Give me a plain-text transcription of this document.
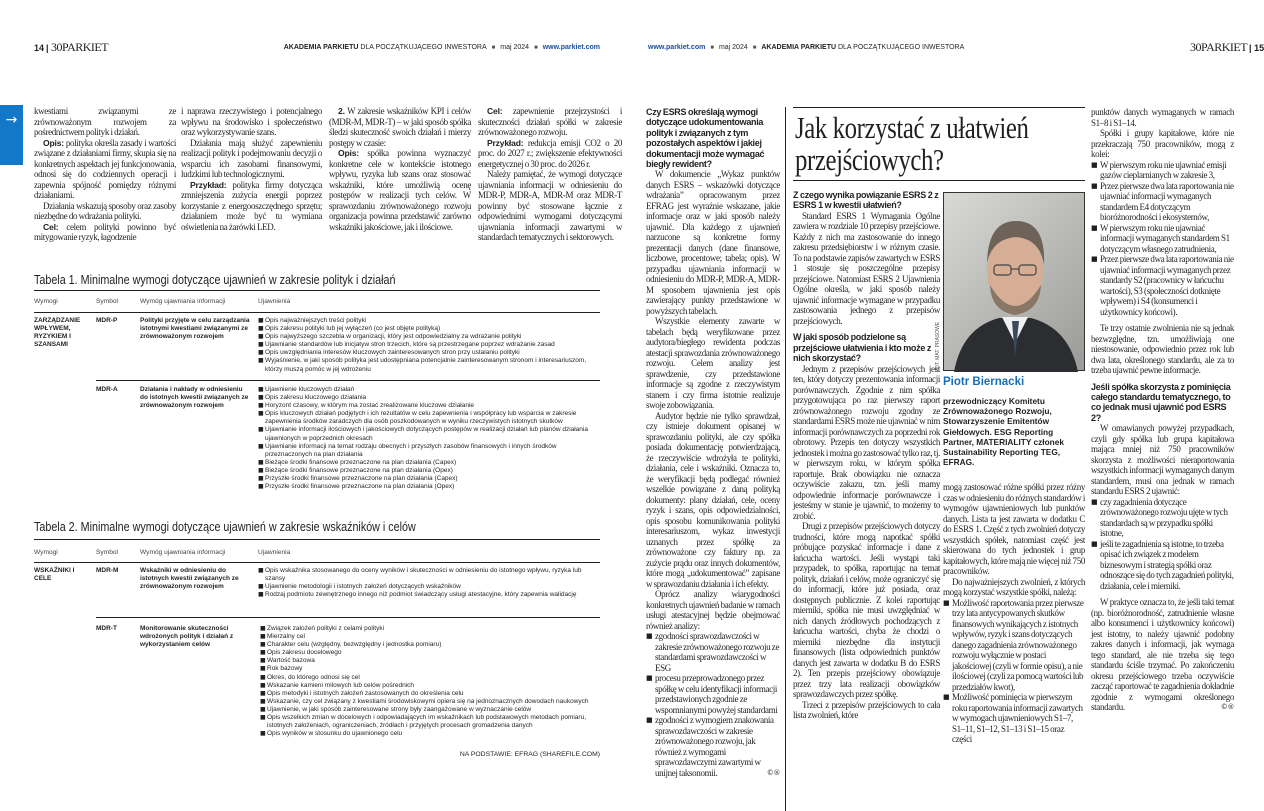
14 | 30PARKIET	AKADEMIA PARKIETU DLA POCZĄTKUJĄCEGO INWESTORA ■ maj 2024 ■ www.parkiet.com
→

kwestiami związanymi ze zrównoważonym rozwojem za pośrednictwem polityk i działań.

Opis: polityka określa zasady i wartości związane z działaniami firmy, skupia się na konkretnych aspektach jej funkcjonowania, odnosi się do codziennych operacji i zapewnia spójność pomiędzy różnymi działaniami.

Działania wskazują sposoby oraz zasoby niezbędne do wdrażania polityki.

Cel: celem polityki powinno być mitygowanie ryzyk, łagodzenie

i naprawa rzeczywistego i potencjalnego wpływu na środowisko i społeczeństwo oraz wykorzystywanie szans.

Działania mają służyć zapewnieniu realizacji polityk i podejmowaniu decyzji o wsparciu ich zasobami finansowymi, ludzkimi lub technologicznymi.

Przykład: polityka firmy dotycząca zmniejszenia zużycia energii poprzez korzystanie z energooszczędnego sprzętu; działaniem może być tu wymiana oświetlenia na żarówki LED.

2. W zakresie wskaźników KPI i celów (MDR-M, MDR-T) – w jaki sposób spółka śledzi skuteczność swoich działań i mierzy postępy w czasie:

Opis: spółka powinna wyznaczyć konkretne cele w kontekście istotnego wpływu, ryzyka lub szans oraz stosować wskaźniki, które umożliwią ocenę postępów w realizacji tych celów. W sprawozdaniu zrównoważonego rozwoju organizacja powinna przedstawić zarówno wskaźniki jakościowe, jak i ilościowe.

Cel: zapewnienie przejrzystości i skuteczności działań spółki w zakresie zrównoważonego rozwoju.

Przykład: redukcja emisji CO2 o 20 proc. do 2027 r.; zwiększenie efektywności energetycznej o 30 proc. do 2026 r.

Należy pamiętać, że wymogi dotyczące ujawniania informacji w odniesieniu do MDR-P, MDR-A, MDR-M oraz MDR-T powinny być stosowane łącznie z odpowiednimi wymogami dotyczącymi ujawniania informacji zawartymi w standardach tematycznych i sektorowych.

Tabela 1. Minimalne wymogi dotyczące ujawnień w zakresie polityk i działań
Wymogi	Symbol	Wymóg ujawniania informacji	Ujawnienia
ZARZĄDZANIE WPŁYWEM, RYZYKIEM I SZANSAMI
MDR-P	Polityki przyjęte w celu zarządzania istotnymi kwestiami związanymi ze zrównoważonym rozwojem
■ Opis najważniejszych treści polityki
■ Opis zakresu polityki lub jej wyłączeń (co jest objęte polityką)
■ Opis najwyższego szczebla w organizacji, który jest odpowiedzialny za wdrażanie polityki
■ Ujawnianie standardów lub inicjatyw stron trzecich, które są przestrzegane poprzez wdrażanie zasad
■ Opis uwzględniania interesów kluczowych zainteresowanych stron przy ustalaniu polityki
■ Wyjaśnienie, w jaki sposób polityka jest udostępniana potencjalnie zainteresowanym stronom i interesariuszom, którzy muszą pomóc w jej wdrożeniu
MDR-A	Działania i nakłady w odniesieniu do istotnych kwestii związanych ze zrównoważonym rozwojem
■ Ujawnienie kluczowych działań
■ Opis zakresu kluczowego działania
■ Horyzont czasowy, w którym ma zostać zrealizowane kluczowe działanie
■ Opis kluczowych działań podjętych i ich rezultatów w celu zapewnienia i współpracy lub wsparcia w zakresie zapewnienia środków zaradczych dla osób poszkodowanych w wyniku rzeczywistych istotnych skutków
■ Ujawnianie informacji ilościowych i jakościowych dotyczących postępów w realizacji działań lub planów działania ujawnionych w poprzednich okresach
■ Ujawnianie informacji na temat rodzaju obecnych i przyszłych zasobów finansowych i innych środków przeznaczonych na plan działania
■ Bieżące środki finansowe przeznaczone na plan działania (Capex)
■ Bieżące środki finansowe przeznaczone na plan działania (Opex)
■ Przyszłe środki finansowe przeznaczone na plan działania (Capex)
■ Przyszłe środki finansowe przeznaczone na plan działania (Opex)
Tabela 2. Minimalne wymogi dotyczące ujawnień w zakresie wskaźników i celów
Wymogi	Symbol	Wymóg ujawniania informacji	Ujawnienia
WSKAŹNIKI I CELE
MDR-M	Wskaźniki w odniesieniu do istotnych kwestii związanych ze zrównoważonym rozwojem
■ Opis wskaźnika stosowanego do oceny wyników i skuteczności w odniesieniu do istotnego wpływu, ryzyka lub szansy
■ Ujawnienie metodologii i istotnych założeń dotyczących wskaźników
■ Rodzaj podmiotu zewnętrznego innego niż podmiot świadczący usługi atestacyjne, który zapewnia walidację
MDR-T	Monitorowanie skuteczności wdrożonych polityk i działań z wykorzystaniem celów
■ Związek założeń polityki z celami polityki
■ Mierzalny cel
■ Charakter celu (względny, bezwzględny i jednostka pomiaru)
■ Opis zakresu docelowego
■ Wartość bazowa
■ Rok bazowy
■ Okres, do którego odnosi się cel
■ Wskazanie kamieni milowych lub celów pośrednich
■ Opis metodyki i istotnych założeń zastosowanych do określenia celu
■ Wskazanie, czy cel związany z kwestiami środowiskowymi opiera się na jednoznacznych dowodach naukowych
■ Ujawnienie, w jaki sposób zainteresowane strony były zaangażowane w wyznaczanie celów
■ Opis wszelkich zmian w docelowych i odpowiadających im wskaźnikach lub podstawowych metodach pomiaru, istotnych założeniach, ograniczeniach, źródłach i przyjętych procesach gromadzenia danych
■ Opis wyników w stosunku do ujawnionego celu
NA PODSTAWIE: EFRAG (SHAREFILE.COM)
www.parkiet.com ■ maj 2024 ■ AKADEMIA PARKIETU DLA POCZĄTKUJĄCEGO INWESTORA	30PARKIET | 15
Czy ESRS określają wymogi dotyczące udokumentowania polityk i związanych z tym pozostałych aspektów i jakiej dokumentacji może wymagać biegły rewident?

W dokumencie „Wykaz punktów danych ESRS – wskazówki dotyczące wdrażania” opracowanym przez EFRAG jest wyraźnie wskazane, jakie informacje oraz w jaki sposób należy ujawnić. Dla każdego z ujawnień narzucone są konkretne formy prezentacji danych (dane finansowe, liczbowe, procentowe; tabela; opis). W przypadku ujawniania informacji w odniesieniu do MDR-P, MDR-A, MDR-M sposobem ujawnienia jest opis zawierający punkty przedstawione w powyższych tabelach.

Wszystkie elementy zawarte w tabelach będą weryfikowane przez audytora/biegłego rewidenta podczas atestacji sprawozdania zrównoważonego rozwoju. Celem analizy jest sprawdzenie, czy przedstawione informacje są zgodne z rzeczywistym stanem i czy firma istotnie realizuje swoje zobowiązania.

Audytor będzie nie tylko sprawdzał, czy istnieje dokument opisanej w sprawozdaniu polityki, ale czy spółka posiada dokumentację potwierdzającą, że rzeczywiście wdrożyła te polityki, działania, cele i wskaźniki. Oznacza to, że weryfikacji będą podlegać również wszelkie powiązane z daną polityką dokumenty: plany działań, cele, oceny ryzyk i szans, opis odpowiedzialności, opis sposobu komunikowania polityki interesariuszom, wykaz inwestycji uznanych przez spółkę za zrównoważone czy faktury np. za zużycie prądu oraz innych dokumentów, które mogą „udokumentować” zapisane w sprawozdaniu działania i ich efekty.

Oprócz analizy wiarygodności konkretnych ujawnień badanie w ramach usługi atestacyjnej będzie obejmować również analizy:

■ zgodności sprawozdawczości w zakresie zrównoważonego rozwoju ze standardami sprawozdawczości w ESG
■ procesu przeprowadzonego przez spółkę w celu identyfikacji informacji przedstawionych zgodnie ze wspomnianymi powyżej standardami
■ zgodności z wymogiem znakowania sprawozdawczości w zakresie zrównoważonego rozwoju, jak również z wymogami sprawozdawczymi zawartymi w unijnej taksonomii.	©®
Jak korzystać z ułatwień przejściowych?
Z czego wynika powiązanie ESRS 2 z ESRS 1 w kwestii ułatwień?

Standard ESRS 1 Wymagania Ogólne zawiera w rozdziale 10 przepisy przejściowe. Każdy z nich ma zastosowanie do innego zakresu przedsiębiorstw i w różnym czasie. To na podstawie zapisów zawartych w ESRS 1 stosuje się poszczególne przepisy przejściowe. Natomiast ESRS 2 Ujawnienia Ogólne określa, w jaki sposób należy ujawnić informacje wymagane w przypadku zastosowania jednego z przepisów przejściowych.

W jaki sposób podzielone są przejściowe ułatwienia i kto może z nich skorzystać?

Jednym z przepisów przejściowych jest ten, który dotyczy prezentowania informacji porównawczych. Zgodnie z nim spółka przygotowująca po raz pierwszy raport zrównoważonego rozwoju zgodny ze standardami ESRS może nie ujawniać w nim informacji porównawczych za poprzedni rok obrotowy. Przepis ten dotyczy wszystkich jednostek i można go zastosować tylko raz, tj. w pierwszym roku, w którym spółka raportuje. Brak obowiązku nie oznacza oczywiście zakazu, tzn. jeśli mamy odpowiednie informacje porównawcze i jesteśmy w stanie je ujawnić, to możemy to zrobić.

Drugi z przepisów przejściowych dotyczy trudności, które mogą napotkać spółki próbujące pozyskać informacje i dane z łańcucha wartości. Jeśli wystąpi taki przypadek, to spółka, raportując na temat polityk, działań i celów, może ograniczyć się do informacji, które już posiada, oraz dostępnych publicznie. Z kolei raportując mierniki, spółka nie musi uwzględniać w nich danych źródłowych pochodzących z łańcucha wartości, chyba że chodzi o mierniki niezbędne dla instytucji finansowych (lista odpowiednich punktów danych jest zawarta w dodatku B do ESRS 2). Ten przepis przejściowy obowiązuje przez trzy lata realizacji obowiązków sprawozdawczych przez spółkę.

Trzeci z przepisów przejściowych to cała lista zwolnień, które

FOT. MAT. PRASOWE
Piotr Biernacki
przewodniczący Komitetu Zrównoważonego Rozwoju, Stowarzyszenie Emitentów Giełdowych. ESG Reporting Partner, MATERIALITY członek Sustainability Reporting TEG, EFRAG.

mogą zastosować różne spółki przez różny czas w odniesieniu do różnych standardów i wymogów ujawnieniowych lub punktów danych. Lista ta jest zawarta w dodatku C do ESRS 1. Część z tych zwolnień dotyczy wszystkich spółek, natomiast część jest skierowana do tych jednostek i grup kapitałowych, które mają nie więcej niż 750 pracowników.

Do najważniejszych zwolnień, z których mogą korzystać wszystkie spółki, należą:

■ Możliwość raportowania przez pierwsze trzy lata antycypowanych skutków finansowych wynikających z istotnych wpływów, ryzyk i szans dotyczących danego zagadnienia zrównoważonego rozwoju wyłącznie w postaci jakościowej (czyli w formie opisu), a nie ilościowej (czyli za pomocą wartości lub przedziałów kwot),
■ Możliwość pominięcia w pierwszym roku raportowania informacji zawartych w wymogach ujawnieniowych S1–7, S1–11, S1–12, S1–13 i S1–15 oraz części

punktów danych wymaganych w ramach S1–8 i S1–14.

Spółki i grupy kapitałowe, które nie przekraczają 750 pracowników, mogą z kolei:

■ W pierwszym roku nie ujawniać emisji gazów cieplarnianych w zakresie 3,
■ Przez pierwsze dwa lata raportowania nie ujawniać informacji wymaganych standardem E4 dotyczącym bioróżnorodności i ekosystemów,
■ W pierwszym roku nie ujawniać informacji wymaganych standardem S1 dotyczącym własnego zatrudnienia,
■ Przez pierwsze dwa lata raportowania nie ujawniać informacji wymaganych przez standardy S2 (pracownicy w łańcuchu wartości), S3 (społeczności dotknięte wpływem) i S4 (konsumenci i użytkownicy końcowi).

Te trzy ostatnie zwolnienia nie są jednak bezwzględne, tzn. umożliwiają one niestosowanie, odpowiednio przez rok lub dwa lata, określonego standardu, ale za to trzeba ujawnić pewne informacje.

Jeśli spółka skorzysta z pominięcia całego standardu tematycznego, to co jednak musi ujawnić pod ESRS 2?

W omawianych powyżej przypadkach, czyli gdy spółka lub grupa kapitałowa mająca mniej niż 750 pracowników skorzysta z możliwości nieraportowania wszystkich informacji wymaganych danym standardem, musi ona jednak w ramach standardu ESRS 2 ujawnić:

■ czy zagadnienia dotyczące zrównoważonego rozwoju ujęte w tych standardach są w przypadku spółki istotne,
■ jeśli te zagadnienia są istotne, to trzeba opisać ich związek z modelem biznesowym i strategią spółki oraz odnoszące się do tych zagadnień polityki, działania, cele i mierniki.

W praktyce oznacza to, że jeśli taki temat (np. bioróżnorodność, zatrudnienie własne albo konsumenci i użytkownicy końcowi) jest istotny, to należy ujawnić podobny zakres danych i informacji, jak wymaga tego standard, ale nie trzeba się tego standardu ściśle trzymać. Po zakończeniu okresu przejściowego trzeba oczywiście zacząć raportować te zagadnienia dokładnie zgodnie z wymogami określonego standardu.	©®
